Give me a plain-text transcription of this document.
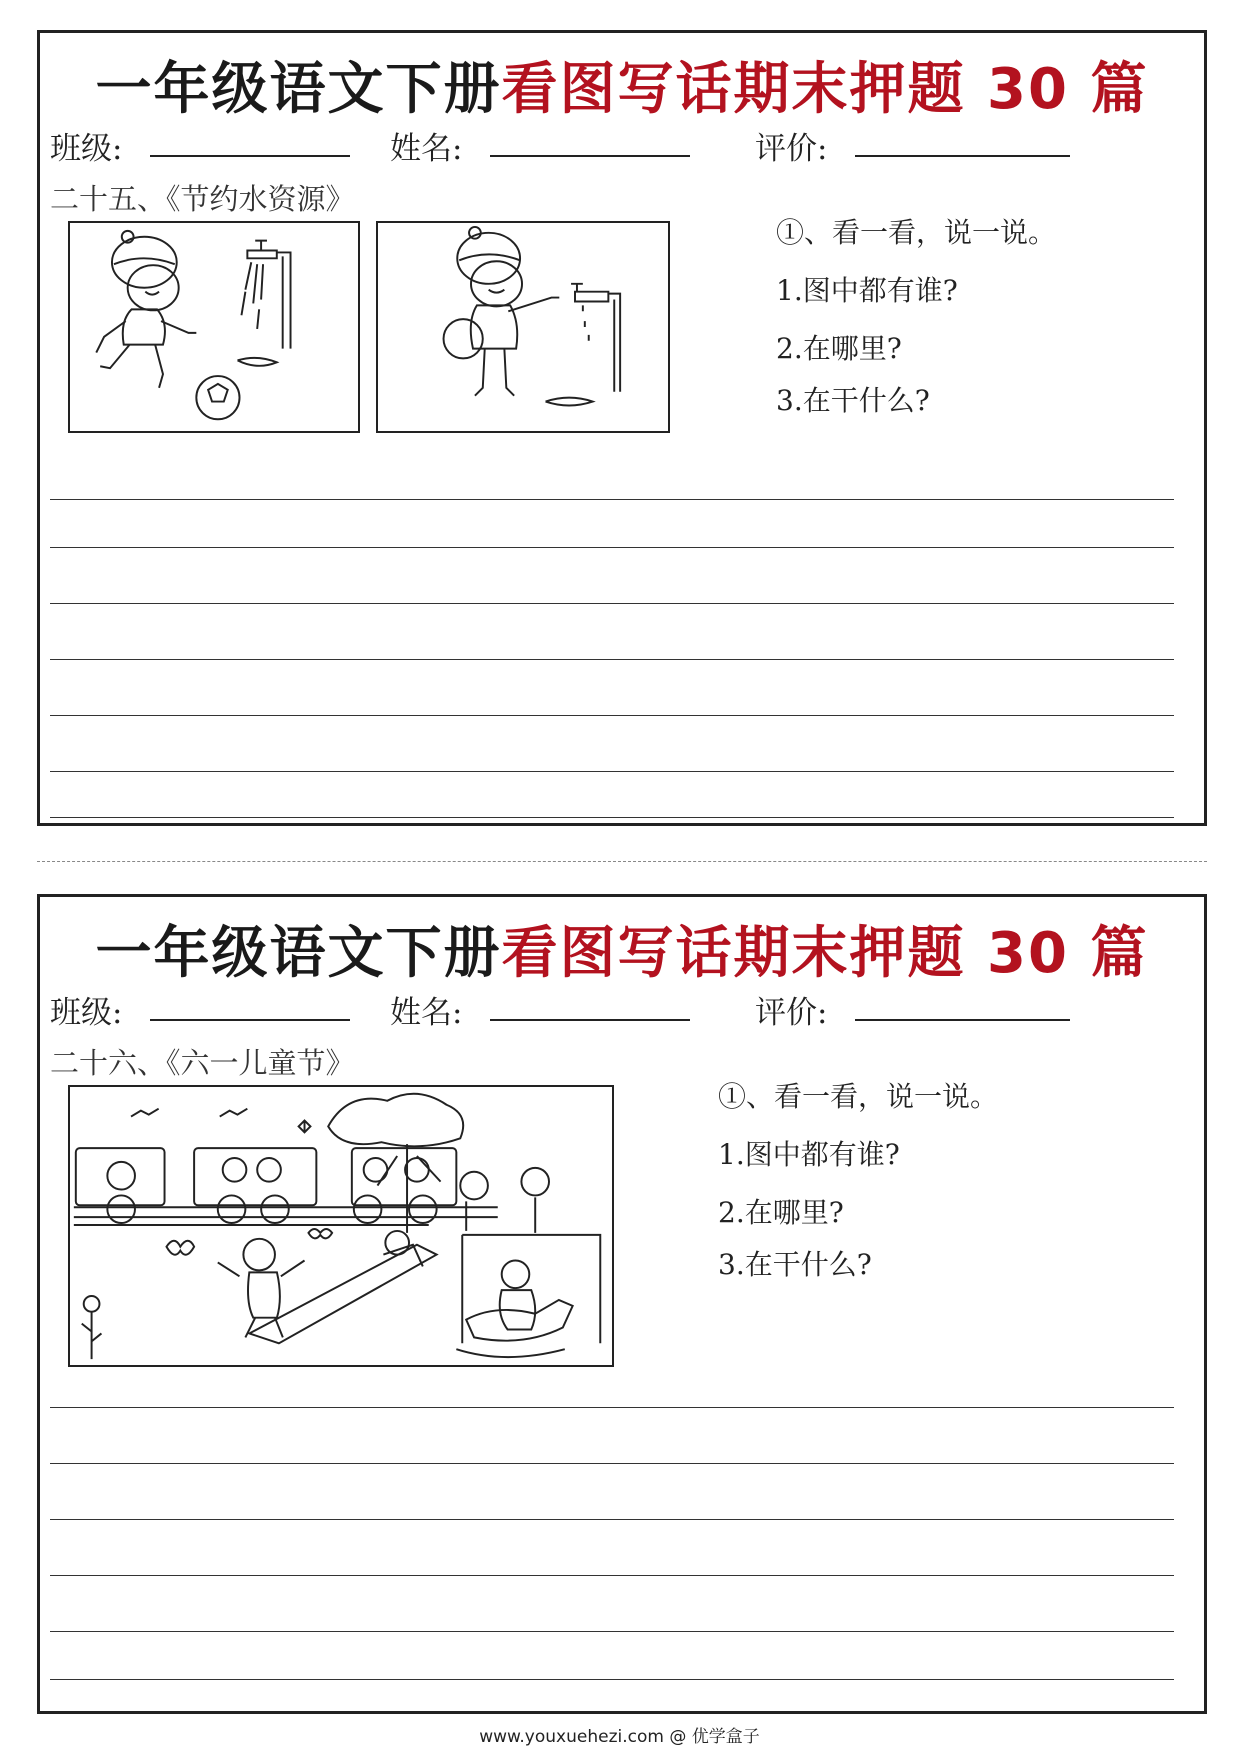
一年级语文下册看图写话期末押题 30 篇
班级:	姓名:	评价:
二十五、《节约水资源》
①、看一看，说一说。
1.图中都有谁?
2.在哪里?
3.在干什么?
一年级语文下册看图写话期末押题 30 篇
班级:	姓名:	评价:
二十六、《六一儿童节》
①、看一看，说一说。
1.图中都有谁?
2.在哪里?
3.在干什么?
www.youxuehezi.com @ 优学盒子
